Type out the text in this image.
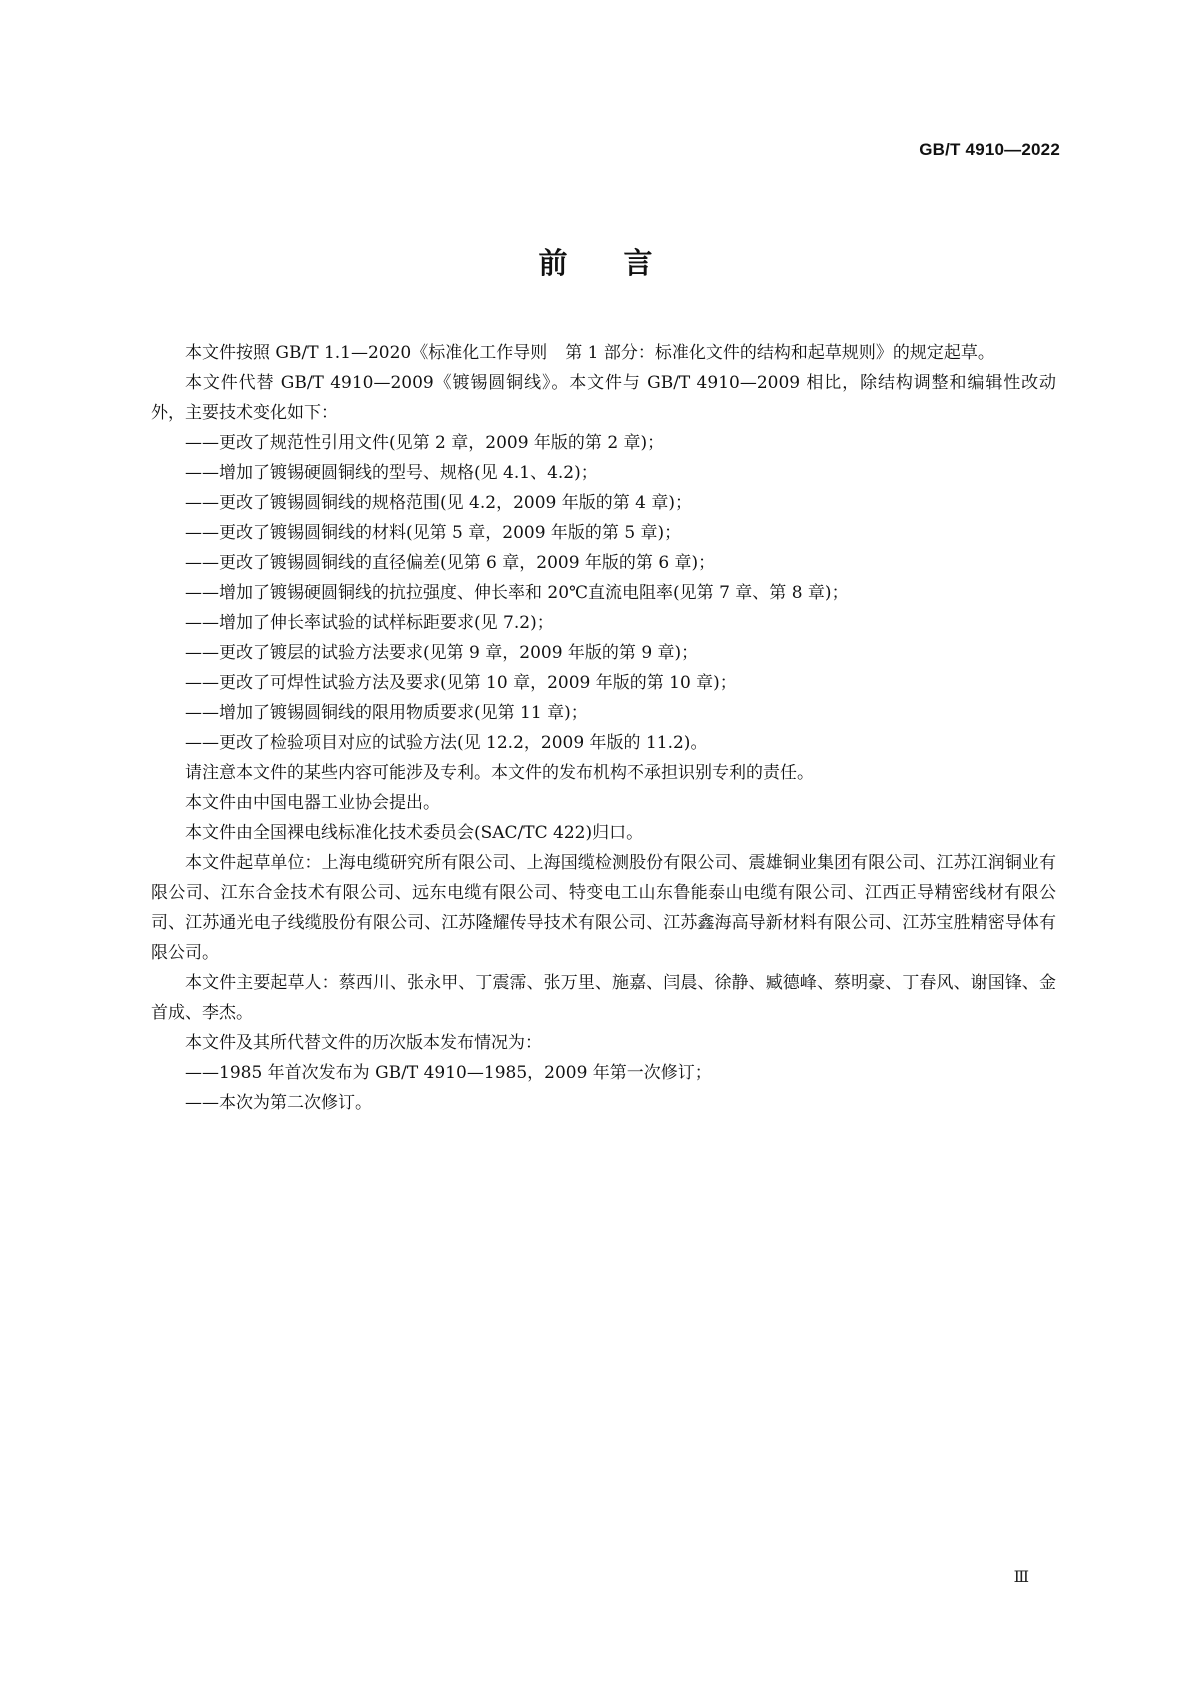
GB/T 4910—2022
前 言

本文件按照 GB/T 1.1—2020《标准化工作导则 第 1 部分：标准化文件的结构和起草规则》的规定起草。

本文件代替 GB/T 4910—2009《镀锡圆铜线》。本文件与 GB/T 4910—2009 相比，除结构调整和编辑性改动外，主要技术变化如下：

——更改了规范性引用文件(见第 2 章，2009 年版的第 2 章)；

——增加了镀锡硬圆铜线的型号、规格(见 4.1、4.2)；

——更改了镀锡圆铜线的规格范围(见 4.2，2009 年版的第 4 章)；

——更改了镀锡圆铜线的材料(见第 5 章，2009 年版的第 5 章)；

——更改了镀锡圆铜线的直径偏差(见第 6 章，2009 年版的第 6 章)；

——增加了镀锡硬圆铜线的抗拉强度、伸长率和 20℃直流电阻率(见第 7 章、第 8 章)；

——增加了伸长率试验的试样标距要求(见 7.2)；

——更改了镀层的试验方法要求(见第 9 章，2009 年版的第 9 章)；

——更改了可焊性试验方法及要求(见第 10 章，2009 年版的第 10 章)；

——增加了镀锡圆铜线的限用物质要求(见第 11 章)；

——更改了检验项目对应的试验方法(见 12.2，2009 年版的 11.2)。

请注意本文件的某些内容可能涉及专利。本文件的发布机构不承担识别专利的责任。

本文件由中国电器工业协会提出。

本文件由全国裸电线标准化技术委员会(SAC/TC 422)归口。

本文件起草单位：上海电缆研究所有限公司、上海国缆检测股份有限公司、震雄铜业集团有限公司、江苏江润铜业有限公司、江东合金技术有限公司、远东电缆有限公司、特变电工山东鲁能泰山电缆有限公司、江西正导精密线材有限公司、江苏通光电子线缆股份有限公司、江苏隆耀传导技术有限公司、江苏鑫海高导新材料有限公司、江苏宝胜精密导体有限公司。

本文件主要起草人：蔡西川、张永甲、丁震霈、张万里、施嘉、闫晨、徐静、臧德峰、蔡明豪、丁春风、谢国锋、金首成、李杰。

本文件及其所代替文件的历次版本发布情况为：

——1985 年首次发布为 GB/T 4910—1985，2009 年第一次修订；

——本次为第二次修订。

Ⅲ
